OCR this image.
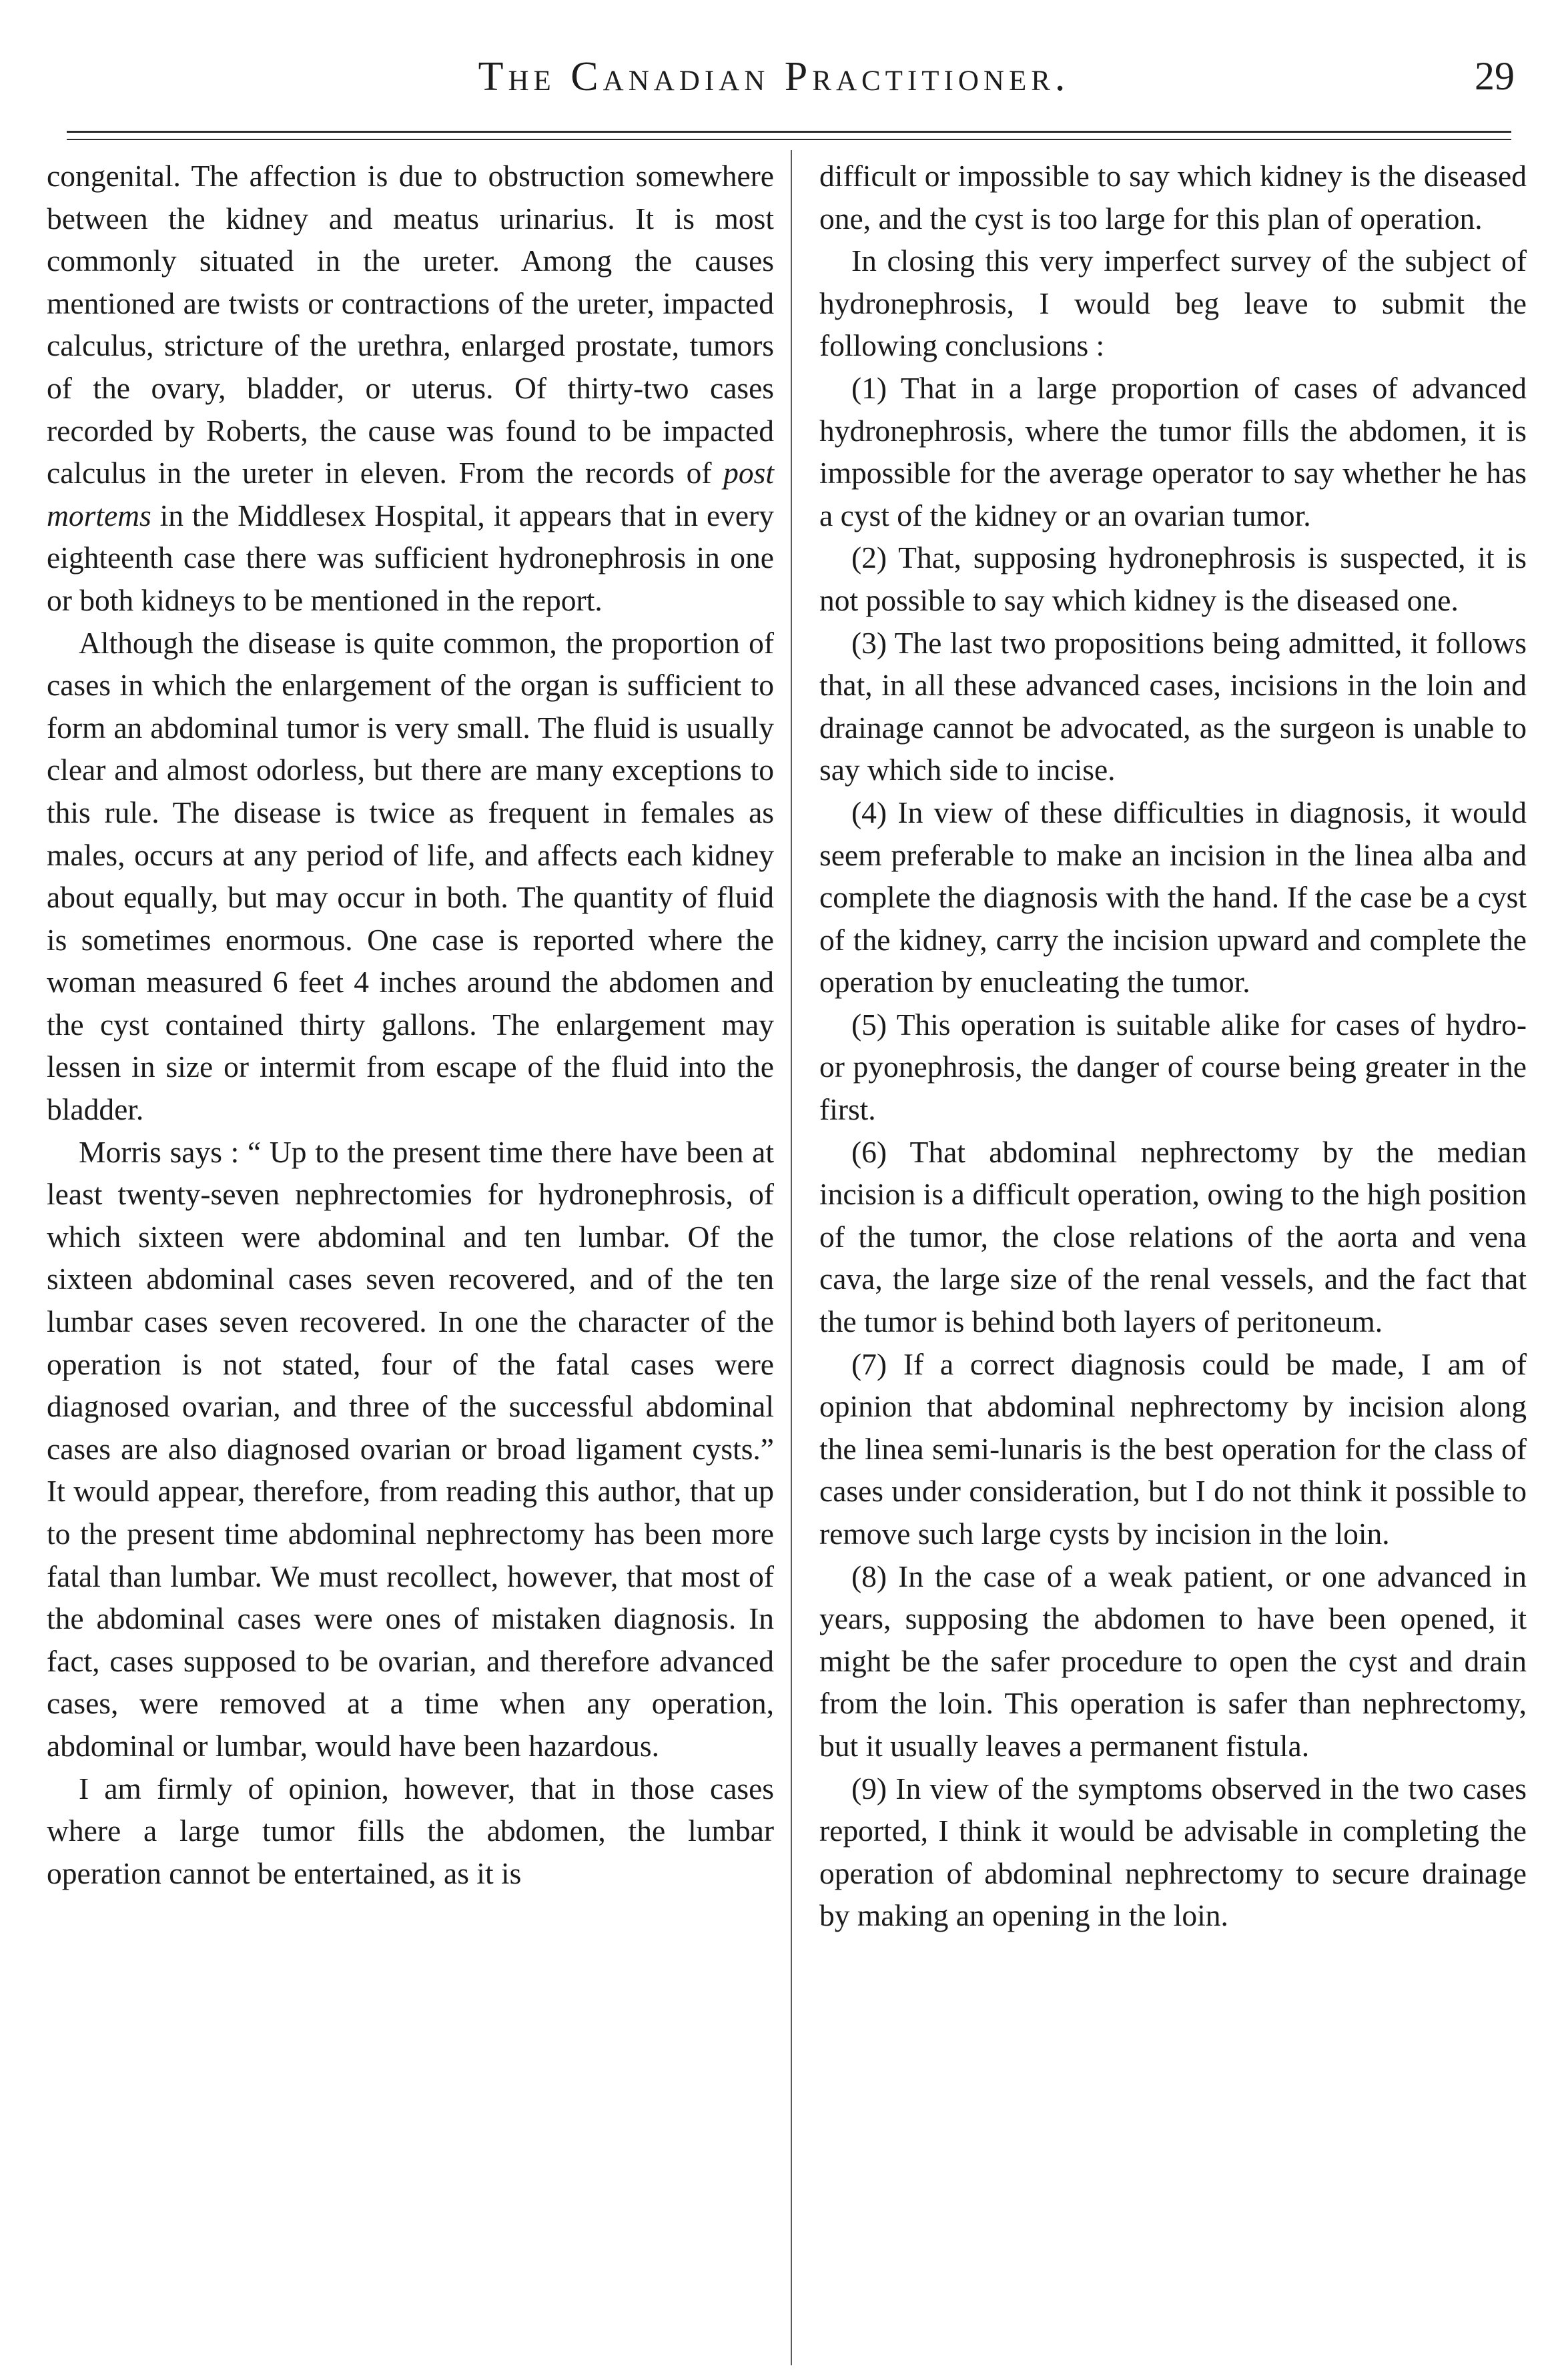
The Canadian Practitioner.	29

congenital. The affection is due to obstruction somewhere between the kidney and meatus urinarius. It is most commonly situated in the ureter. Among the causes mentioned are twists or contractions of the ureter, impacted calculus, stricture of the urethra, enlarged prostate, tumors of the ovary, bladder, or uterus. Of thirty-two cases recorded by Roberts, the cause was found to be impacted calculus in the ureter in eleven. From the records of post mortems in the Middlesex Hospital, it appears that in every eighteenth case there was sufficient hydronephrosis in one or both kidneys to be mentioned in the report.

Although the disease is quite common, the proportion of cases in which the enlargement of the organ is sufficient to form an abdominal tumor is very small. The fluid is usually clear and almost odorless, but there are many exceptions to this rule. The disease is twice as frequent in females as males, occurs at any period of life, and affects each kidney about equally, but may occur in both. The quantity of fluid is sometimes enormous. One case is reported where the woman measured 6 feet 4 inches around the abdomen and the cyst contained thirty gallons. The enlargement may lessen in size or intermit from escape of the fluid into the bladder.

Morris says : “ Up to the present time there have been at least twenty-seven nephrectomies for hydronephrosis, of which sixteen were abdominal and ten lumbar. Of the sixteen abdominal cases seven recovered, and of the ten lumbar cases seven recovered. In one the character of the operation is not stated, four of the fatal cases were diagnosed ovarian, and three of the successful abdominal cases are also diagnosed ovarian or broad ligament cysts.” It would appear, therefore, from reading this author, that up to the present time abdominal nephrectomy has been more fatal than lumbar. We must recollect, however, that most of the abdominal cases were ones of mistaken diagnosis. In fact, cases supposed to be ovarian, and therefore advanced cases, were removed at a time when any operation, abdominal or lumbar, would have been hazardous.

I am firmly of opinion, however, that in those cases where a large tumor fills the abdomen, the lumbar operation cannot be entertained, as it is

difficult or impossible to say which kidney is the diseased one, and the cyst is too large for this plan of operation.

In closing this very imperfect survey of the subject of hydronephrosis, I would beg leave to submit the following conclusions :

(1) That in a large proportion of cases of advanced hydronephrosis, where the tumor fills the abdomen, it is impossible for the average operator to say whether he has a cyst of the kidney or an ovarian tumor.

(2) That, supposing hydronephrosis is suspected, it is not possible to say which kidney is the diseased one.

(3) The last two propositions being admitted, it follows that, in all these advanced cases, incisions in the loin and drainage cannot be advocated, as the surgeon is unable to say which side to incise.

(4) In view of these difficulties in diagnosis, it would seem preferable to make an incision in the linea alba and complete the diagnosis with the hand. If the case be a cyst of the kidney, carry the incision upward and complete the operation by enucleating the tumor.

(5) This operation is suitable alike for cases of hydro- or pyonephrosis, the danger of course being greater in the first.

(6) That abdominal nephrectomy by the median incision is a difficult operation, owing to the high position of the tumor, the close relations of the aorta and vena cava, the large size of the renal vessels, and the fact that the tumor is behind both layers of peritoneum.

(7) If a correct diagnosis could be made, I am of opinion that abdominal nephrectomy by incision along the linea semi-lunaris is the best operation for the class of cases under consideration, but I do not think it possible to remove such large cysts by incision in the loin.

(8) In the case of a weak patient, or one advanced in years, supposing the abdomen to have been opened, it might be the safer procedure to open the cyst and drain from the loin. This operation is safer than nephrectomy, but it usually leaves a permanent fistula.

(9) In view of the symptoms observed in the two cases reported, I think it would be advisable in completing the operation of abdominal nephrectomy to secure drainage by making an opening in the loin.
